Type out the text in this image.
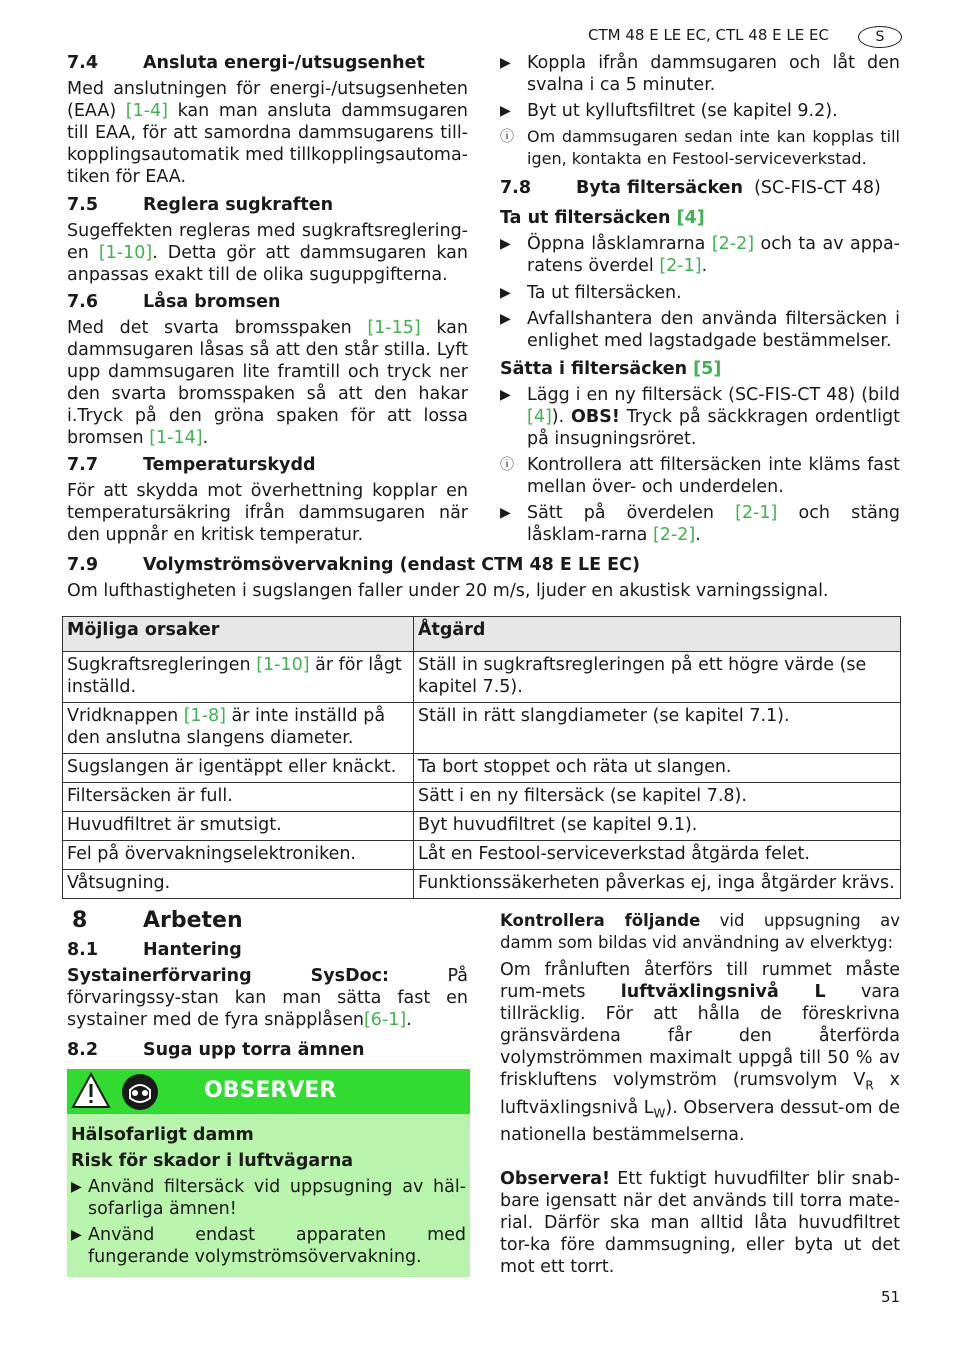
CTM 48 E LE EC, CTL 48 E LE EC	S
7.4	Ansluta energi-/utsugsenhet

Med anslutningen för energi-/utsugsenheten (EAA) [1-4] kan man ansluta dammsugaren till EAA, för att samordna dammsugarens till-kopplingsautomatik med tillkopplingsautoma-tiken för EAA.

7.5	Reglera sugkraften

Sugeffekten regleras med sugkraftsreglering-en [1-10]. Detta gör att dammsugaren kan anpassas exakt till de olika suguppgifterna.

7.6	Låsa bromsen

Med det svarta bromsspaken [1-15] kan dammsugaren låsas så att den står stilla. Lyft upp dammsugaren lite framtill och tryck ner den svarta bromsspaken så att den hakar i.Tryck på den gröna spaken för att lossa bromsen [1-14].

7.7	Temperaturskydd

För att skydda mot överhettning kopplar en temperatursäkring ifrån dammsugaren när den uppnår en kritisk temperatur.

▶ Koppla ifrån dammsugaren och låt den svalna i ca 5 minuter.
▶ Byt ut kylluftsfiltret (se kapitel 9.2).
ⓘ Om dammsugaren sedan inte kan kopplas till igen, kontakta en Festool-serviceverkstad.
7.8	Byta filtersäcken (SC-FIS-CT 48)

Ta ut filtersäcken [4]

▶ Öppna låsklamrarna [2-2] och ta av appa-ratens överdel [2-1].
▶ Ta ut filtersäcken.
▶ Avfallshantera den använda filtersäcken i enlighet med lagstadgade bestämmelser.

Sätta i filtersäcken [5]

▶ Lägg i en ny filtersäck (SC-FIS-CT 48) (bild [4]). OBS! Tryck på säckkragen ordentligt på insugningsröret.
ⓘ Kontrollera att filtersäcken inte kläms fast mellan över- och underdelen.
▶ Sätt på överdelen [2-1] och stäng låsklam-rarna [2-2].
7.9	Volymströmsövervakning (endast CTM 48 E LE EC)

Om lufthastigheten i sugslangen faller under 20 m/s, ljuder en akustisk varningssignal.

Möjliga orsaker	Åtgärd
Sugkraftsregleringen [1-10] är för lågt inställd.	Ställ in sugkraftsregleringen på ett högre värde (se kapitel 7.5).
Vridknappen [1-8] är inte inställd på den anslutna slangens diameter.	Ställ in rätt slangdiameter (se kapitel 7.1).
Sugslangen är igentäppt eller knäckt.	Ta bort stoppet och räta ut slangen.
Filtersäcken är full.	Sätt i en ny filtersäck (se kapitel 7.8).
Huvudfiltret är smutsigt.	Byt huvudfiltret (se kapitel 9.1).
Fel på övervakningselektroniken.	Låt en Festool-serviceverkstad åtgärda felet.
Våtsugning.	Funktionssäkerheten påverkas ej, inga åtgärder krävs.
8	Arbeten
8.1	Hantering

Systainerförvaring SysDoc: På förvaringssy-stan kan man sätta fast en systainer med de fyra snäpplåsen[6-1].

8.2	Suga upp torra ämnen
OBSERVER

Hälsofarligt damm

Risk för skador i luftvägarna

▶ Använd filtersäck vid uppsugning av häl-sofarliga ämnen!
▶ Använd endast apparaten med fungerande volymströmsövervakning.

Kontrollera följande vid uppsugning av damm som bildas vid användning av elverktyg:

Om frånluften återförs till rummet måste rum-mets luftväxlingsnivå L vara tillräcklig. För att hålla de föreskrivna gränsvärdena får den återförda volymströmmen maximalt uppgå till 50 % av friskluftens volymström (rumsvolym $V_R$ x luftväxlingsnivå $L_W$). Observera dessut-om de nationella bestämmelserna.

Observera! Ett fuktigt huvudfilter blir snab-bare igensatt när det används till torra mate-rial. Därför ska man alltid låta huvudfiltret tor-ka före dammsugning, eller byta ut det mot ett torrt.

51
